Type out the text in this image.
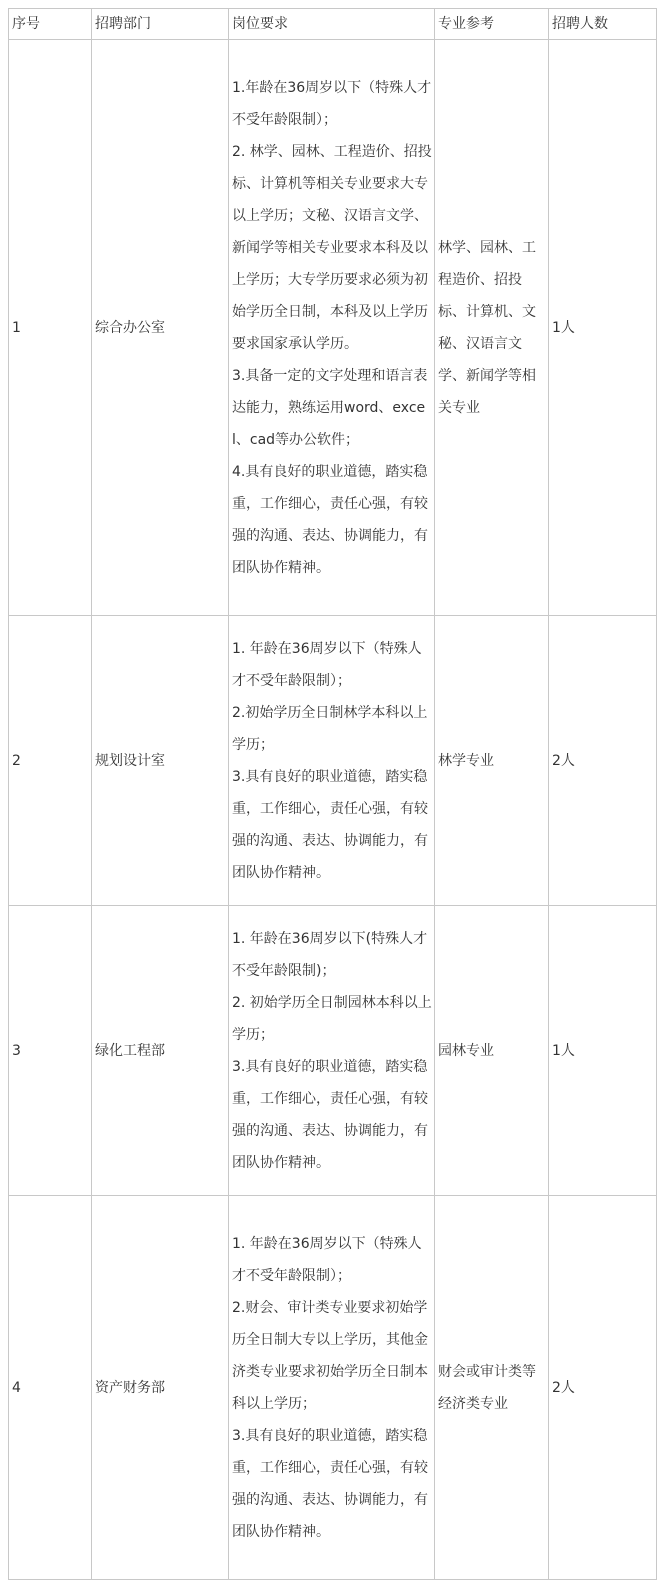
序号	招聘部门	岗位要求	专业参考	招聘人数
1	综合办公室	1.年龄在36周岁以下（特殊人才不受年龄限制）；
2. 林学、园林、工程造价、招投标、计算机等相关专业要求大专以上学历；文秘、汉语言文学、新闻学等相关专业要求本科及以上学历；大专学历要求必须为初始学历全日制，本科及以上学历要求国家承认学历。
3.具备一定的文字处理和语言表达能力，熟练运用word、excel、cad等办公软件；
4.具有良好的职业道德，踏实稳重，工作细心，责任心强，有较强的沟通、表达、协调能力，有团队协作精神。	林学、园林、工程造价、招投标、计算机、文秘、汉语言文学、新闻学等相关专业	1人
2	规划设计室	1. 年龄在36周岁以下（特殊人才不受年龄限制）；
2.初始学历全日制林学本科以上学历；
3.具有良好的职业道德，踏实稳重，工作细心，责任心强，有较强的沟通、表达、协调能力，有团队协作精神。	林学专业	2人
3	绿化工程部	1. 年龄在36周岁以下(特殊人才不受年龄限制)；
2. 初始学历全日制园林本科以上学历；
3.具有良好的职业道德，踏实稳重，工作细心，责任心强，有较强的沟通、表达、协调能力，有团队协作精神。	园林专业	1人
4	资产财务部	1. 年龄在36周岁以下（特殊人才不受年龄限制）；
2.财会、审计类专业要求初始学历全日制大专以上学历，其他金济类专业要求初始学历全日制本科以上学历；
3.具有良好的职业道德，踏实稳重，工作细心，责任心强，有较强的沟通、表达、协调能力，有团队协作精神。	财会或审计类等经济类专业	2人
